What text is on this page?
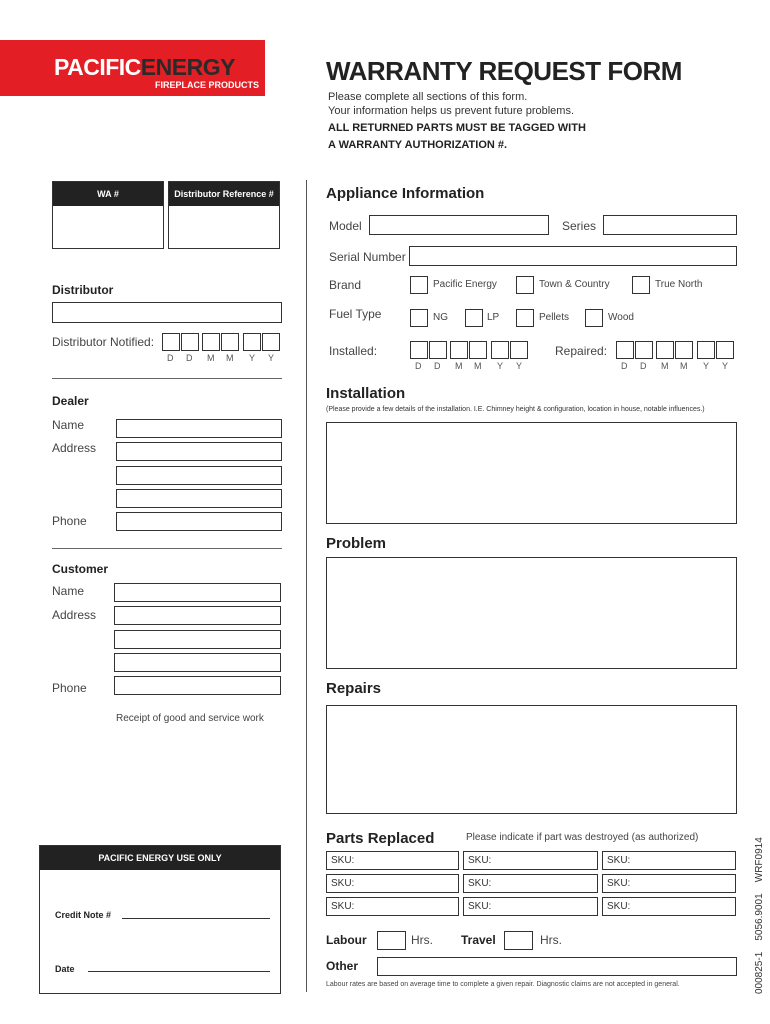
PACIFICENERGY
FIREPLACE PRODUCTS	WARRANTY REQUEST FORM
Please complete all sections of this form.
Your information helps us prevent future problems.
ALL RETURNED PARTS MUST BE TAGGED WITH
A WARRANTY AUTHORIZATION #.
WA #	Distributor Reference #
Distributor
Distributor Notified:
D D M M Y Y
Dealer
Name
Address
Phone
Customer
Name
Address
Phone
Receipt of good and service work
PACIFIC ENERGY USE ONLY
Credit Note #
Date
Appliance Information
Model	Series
Serial Number
Brand	Pacific Energy	Town & Country	True North
Fuel Type	NG	LP	Pellets	Wood
Installed:
D D M M Y Y
Repaired:
D D M M Y Y
Installation
(Please provide a few details of the installation. I.E. Chimney height & configuration, location in house, notable influences.)
Problem
Repairs
Parts Replaced	Please indicate if part was destroyed (as authorized)
SKU:	SKU:	SKU:
SKU:	SKU:	SKU:
SKU:	SKU:	SKU:
Labour	Hrs. Travel	Hrs.
Other
Labour rates are based on average time to complete a given repair. Diagnostic claims are not accepted in general.	000825-1    5056.9001    WRF0914
